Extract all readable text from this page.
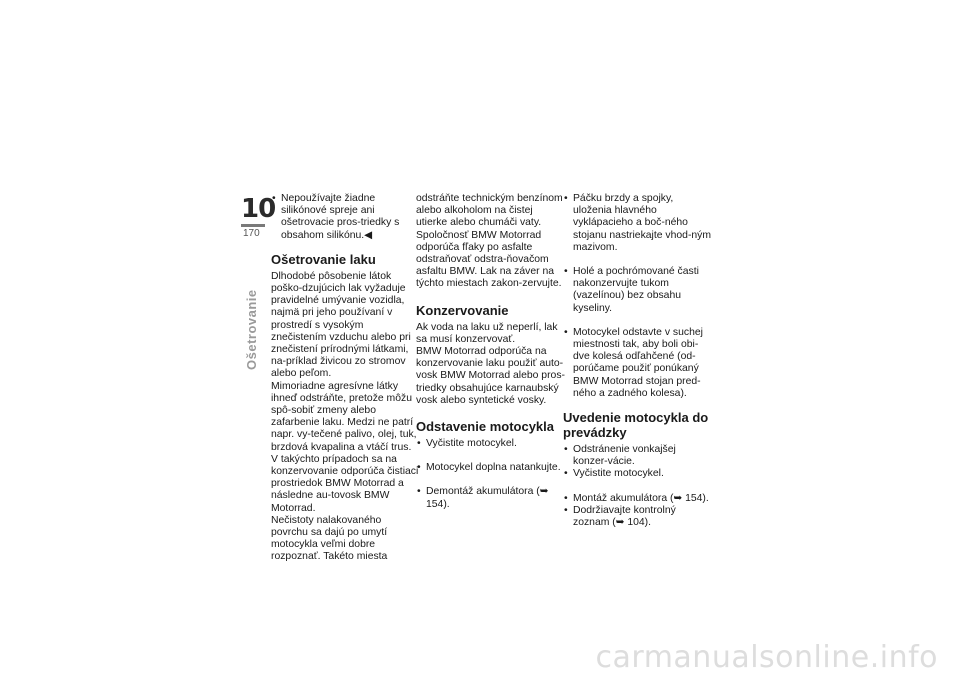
10
170
Ošetrovanie
• Nepoužívajte žiadne silikónové spreje ani ošetrovacie pros-triedky s obsahom silikónu.◀
Ošetrovanie laku

Dlhodobé pôsobenie látok poško-dzujúcich lak vyžaduje pravidelné umývanie vozidla, najmä pri jeho používaní v prostredí s vysokým znečistením vzduchu alebo pri znečistení prírodnými látkami, na-príklad živicou zo stromov alebo peľom.

Mimoriadne agresívne látky ihneď odstráňte, pretože môžu spô-sobiť zmeny alebo zafarbenie laku. Medzi ne patrí napr. vy-tečené palivo, olej, tuk, brzdová kvapalina a vtáčí trus. V takýchto prípadoch sa na konzervovanie odporúča čistiaci prostriedok BMW Motorrad a následne au-tovosk BMW Motorrad.

Nečistoty nalakovaného povrchu sa dajú po umytí motocykla veľmi dobre rozpoznať. Takéto miesta

odstráňte technickým benzínom alebo alkoholom na čistej utierke alebo chumáči vaty. Spoločnosť BMW Motorrad odporúča fľaky po asfalte odstraňovať odstra-ňovačom asfaltu BMW. Lak na záver na týchto miestach zakon-zervujte.

Konzervovanie

Ak voda na laku už neperlí, lak sa musí konzervovať.

BMW Motorrad odporúča na konzervovanie laku použiť auto-vosk BMW Motorrad alebo pros-triedky obsahujúce karnaubský vosk alebo syntetické vosky.

Odstavenie motocykla
• Vyčistite motocykel.
• Motocykel doplna natankujte.
• Demontáž akumulátora (➥ 154).
• Páčku brzdy a spojky, uloženia hlavného vyklápacieho a boč-ného stojanu nastriekajte vhod-ným mazivom.
• Holé a pochrómované časti nakonzervujte tukom (vazelínou) bez obsahu kyseliny.
• Motocykel odstavte v suchej miestnosti tak, aby boli obi-dve kolesá odľahčené (od-porúčame použiť ponúkaný BMW Motorrad stojan pred-ného a zadného kolesa).
Uvedenie motocykla do prevádzky
• Odstránenie vonkajšej konzer-vácie.
• Vyčistite motocykel.
• Montáž akumulátora (➥ 154).
• Dodržiavajte kontrolný zoznam (➥ 104).
carmanualsonline.info
